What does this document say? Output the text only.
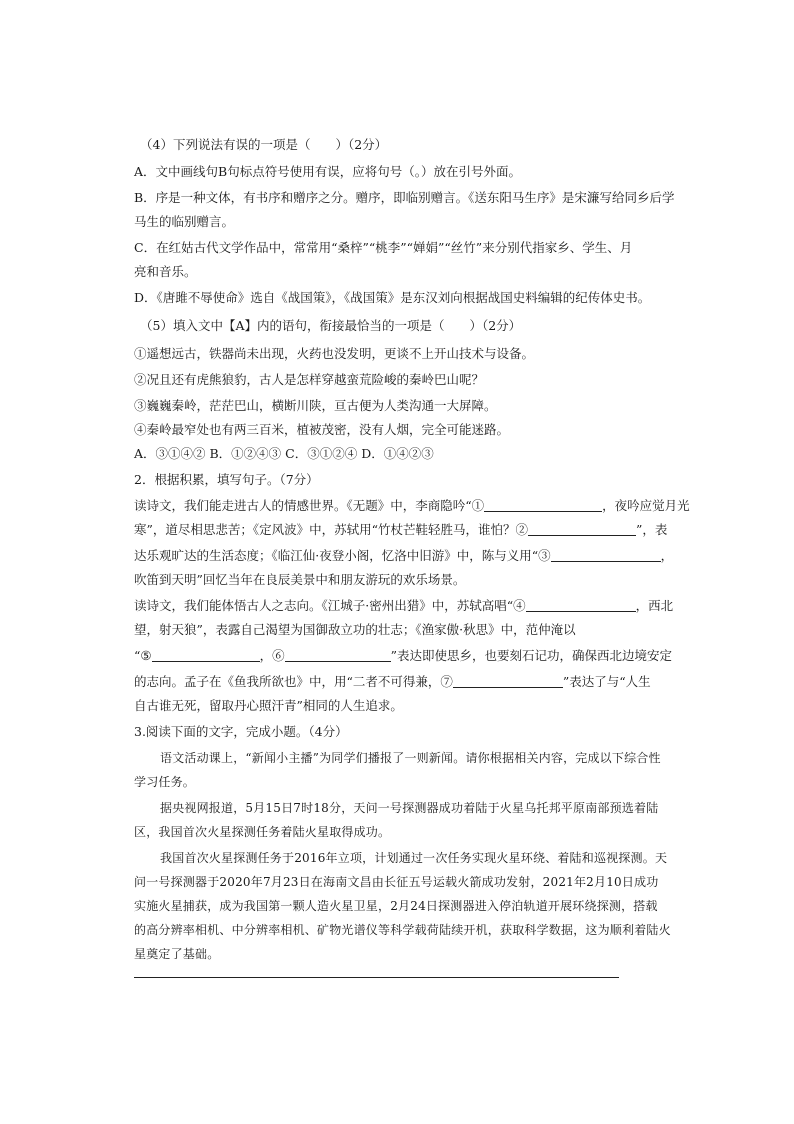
（4）下列说法有误的一项是（　　）（2分）
A．文中画线句B句标点符号使用有误，应将句号（。）放在引号外面。
B．序是一种文体，有书序和赠序之分。赠序，即临别赠言。《送东阳马生序》是宋濂写给同乡后学
马生的临别赠言。
C．在红姑古代文学作品中，常常用“桑梓”“桃李”“婵娟”“丝竹”来分别代指家乡、学生、月
亮和音乐。
D．《唐雎不辱使命》选自《战国策》，《战国策》是东汉刘向根据战国史料编辑的纪传体史书。
（5）填入文中【A】内的语句，衔接最恰当的一项是（　　）（2分）
①遥想远古，铁器尚未出现，火药也没发明，更谈不上开山技术与设备。
②况且还有虎熊狼豹，古人是怎样穿越蛮荒险峻的秦岭巴山呢？
③巍巍秦岭，茫茫巴山，横断川陕，亘古便为人类沟通一大屏障。
④秦岭最窄处也有两三百米，植被茂密，没有人烟，完全可能迷路。
A．③①④② B．①②④③ C．③①②④ D．①④②③
2．根据积累，填写句子。（7分）
读诗文，我们能走进古人的情感世界。《无题》中，李商隐吟“①	，夜吟应觉月光
寒”，道尽相思悲苦；《定风波》中，苏轼用“竹杖芒鞋轻胜马，谁怕？②	”，表
达乐观旷达的生活态度；《临江仙·夜登小阁，忆洛中旧游》中，陈与义用“③	，
吹笛到天明”回忆当年在良辰美景中和朋友游玩的欢乐场景。
读诗文，我们能体悟古人之志向。《江城子·密州出猎》中，苏轼高唱“④	，西北
望，射天狼”，表露自己渴望为国御敌立功的壮志；《渔家傲·秋思》中，范仲淹以
“⑤	，⑥	”表达即使思乡，也要刻石记功，确保西北边境安定
的志向。孟子在《鱼我所欲也》中，用“二者不可得兼，⑦	”表达了与“人生
自古谁无死，留取丹心照汗青”相同的人生追求。
3.阅读下面的文字，完成小题。（4分）
语文活动课上，“新闻小主播”为同学们播报了一则新闻。请你根据相关内容，完成以下综合性
学习任务。
据央视网报道，5月15日7时18分，天问一号探测器成功着陆于火星乌托邦平原南部预选着陆
区，我国首次火星探测任务着陆火星取得成功。
我国首次火星探测任务于2016年立项，计划通过一次任务实现火星环绕、着陆和巡视探测。天
问一号探测器于2020年7月23日在海南文昌由长征五号运载火箭成功发射，2021年2月10日成功
实施火星捕获，成为我国第一颗人造火星卫星，2月24日探测器进入停泊轨道开展环绕探测，搭载
的高分辨率相机、中分辨率相机、矿物光谱仪等科学载荷陆续开机，获取科学数据，这为顺利着陆火
星奠定了基础。
